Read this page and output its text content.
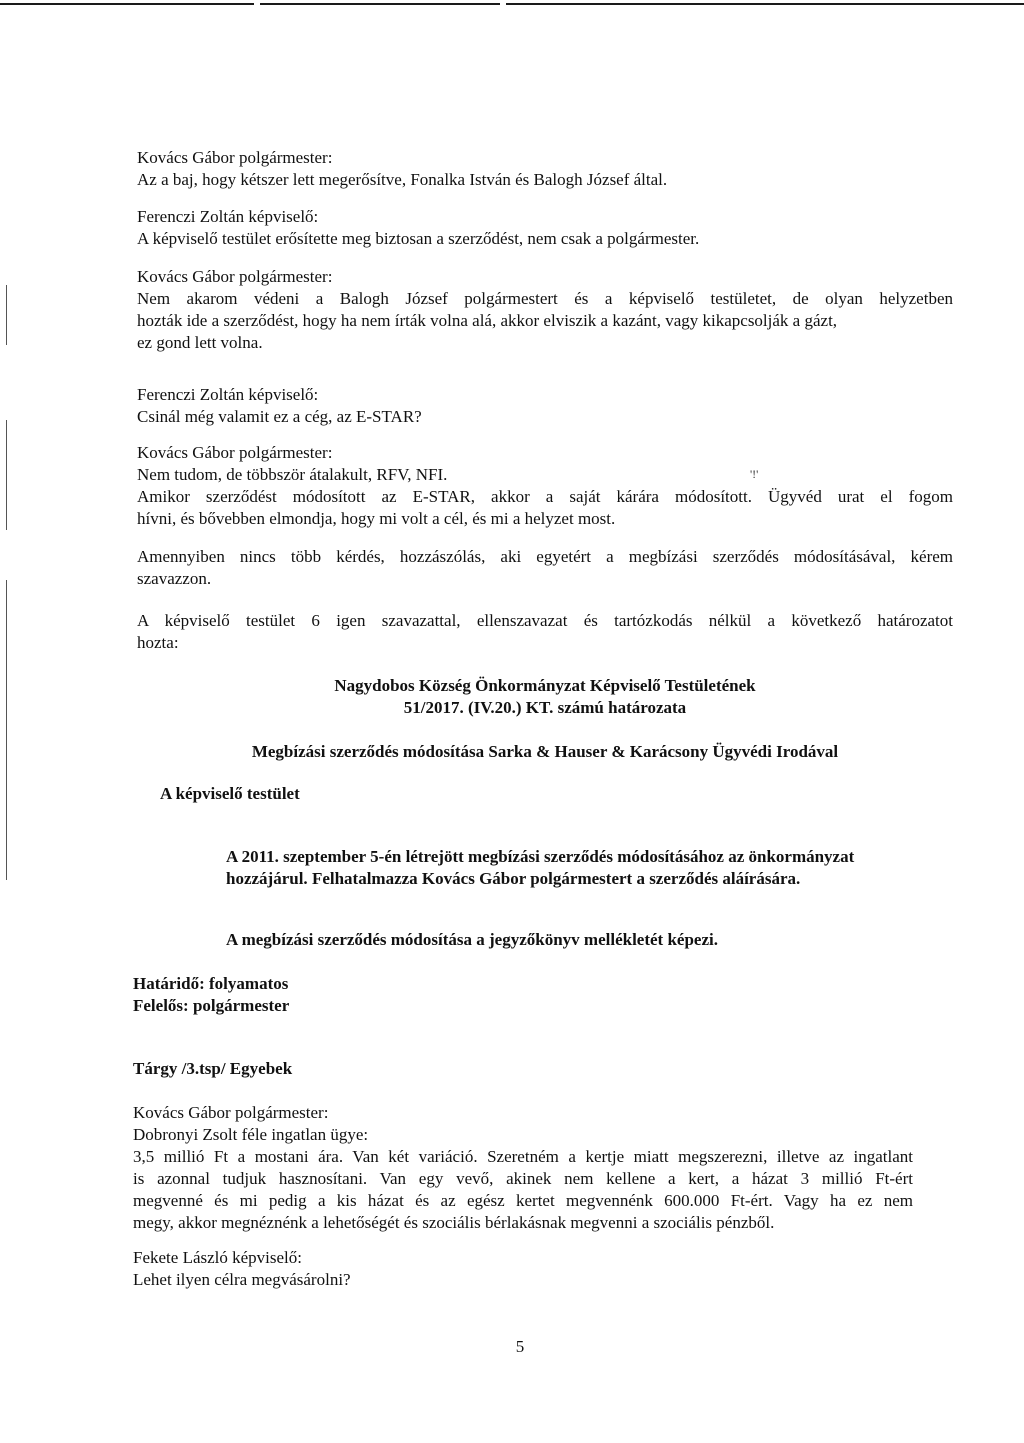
Kovács Gábor polgármester:
Az a baj, hogy kétszer lett megerősítve, Fonalka István és Balogh József által.
Ferenczi Zoltán képviselő:
A képviselő testület erősítette meg biztosan a szerződést, nem csak a polgármester.
Kovács Gábor polgármester:
Nem akarom védeni a Balogh József polgármestert és a képviselő testületet, de olyan helyzetben
hozták ide a szerződést, hogy ha nem írták volna alá, akkor elviszik a kazánt, vagy kikapcsolják a gázt,
ez gond lett volna.
Ferenczi Zoltán képviselő:
Csinál még valamit ez a cég, az E-STAR?
Kovács Gábor polgármester:
Nem tudom, de többször átalakult, RFV, NFI.
Amikor szerződést módosított az E-STAR, akkor a saját kárára módosított. Ügyvéd urat el fogom
hívni, és bővebben elmondja, hogy mi volt a cél, és mi a helyzet most.
'!'
Amennyiben nincs több kérdés, hozzászólás, aki egyetért a megbízási szerződés módosításával, kérem
szavazzon.
A képviselő testület 6 igen szavazattal, ellenszavazat és tartózkodás nélkül a következő határozatot
hozta:
Nagydobos Község Önkormányzat Képviselő Testületének
51/2017. (IV.20.) KT. számú határozata
Megbízási szerződés módosítása Sarka & Hauser & Karácsony Ügyvédi Irodával
A képviselő testület
A 2011. szeptember 5-én létrejött megbízási szerződés módosításához az önkormányzat hozzájárul. Felhatalmazza Kovács Gábor polgármestert a szerződés aláírására.
A megbízási szerződés módosítása a jegyzőkönyv mellékletét képezi.
Határidő: folyamatos
Felelős: polgármester
Tárgy /3.tsp/ Egyebek
Kovács Gábor polgármester:
Dobronyi Zsolt féle ingatlan ügye:
3,5 millió Ft a mostani ára. Van két variáció. Szeretném a kertje miatt megszerezni, illetve az ingatlant
is azonnal tudjuk hasznosítani. Van egy vevő, akinek nem kellene a kert, a házat 3 millió Ft-ért
megvenné és mi pedig a kis házat és az egész kertet megvennénk 600.000 Ft-ért. Vagy ha ez nem
megy, akkor megnéznénk a lehetőségét és szociális bérlakásnak megvenni a szociális pénzből.
Fekete László képviselő:
Lehet ilyen célra megvásárolni?
5
